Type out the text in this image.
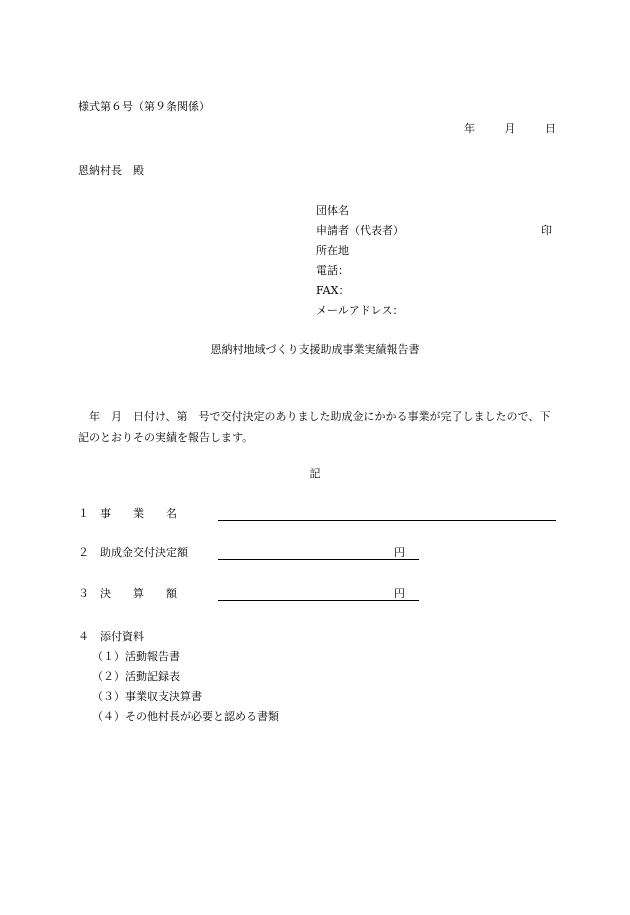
様式第６号（第９条関係）
年	月	日
恩納村長　殿
団体名
申請者（代表者）	印
所在地
電話：
FAX：
メールアドレス：
恩納村地域づくり支援助成事業実績報告書
　年　月　日付け、第　号で交付決定のありました助成金にかかる事業が完了しましたので、下記のとおりその実績を報告します。
記
１　事　　業　　名
２　助成金交付決定額	円
３　決　　算　　額	円
４　添付資料
（１）活動報告書
（２）活動記録表
（３）事業収支決算書
（４）その他村長が必要と認める書類
